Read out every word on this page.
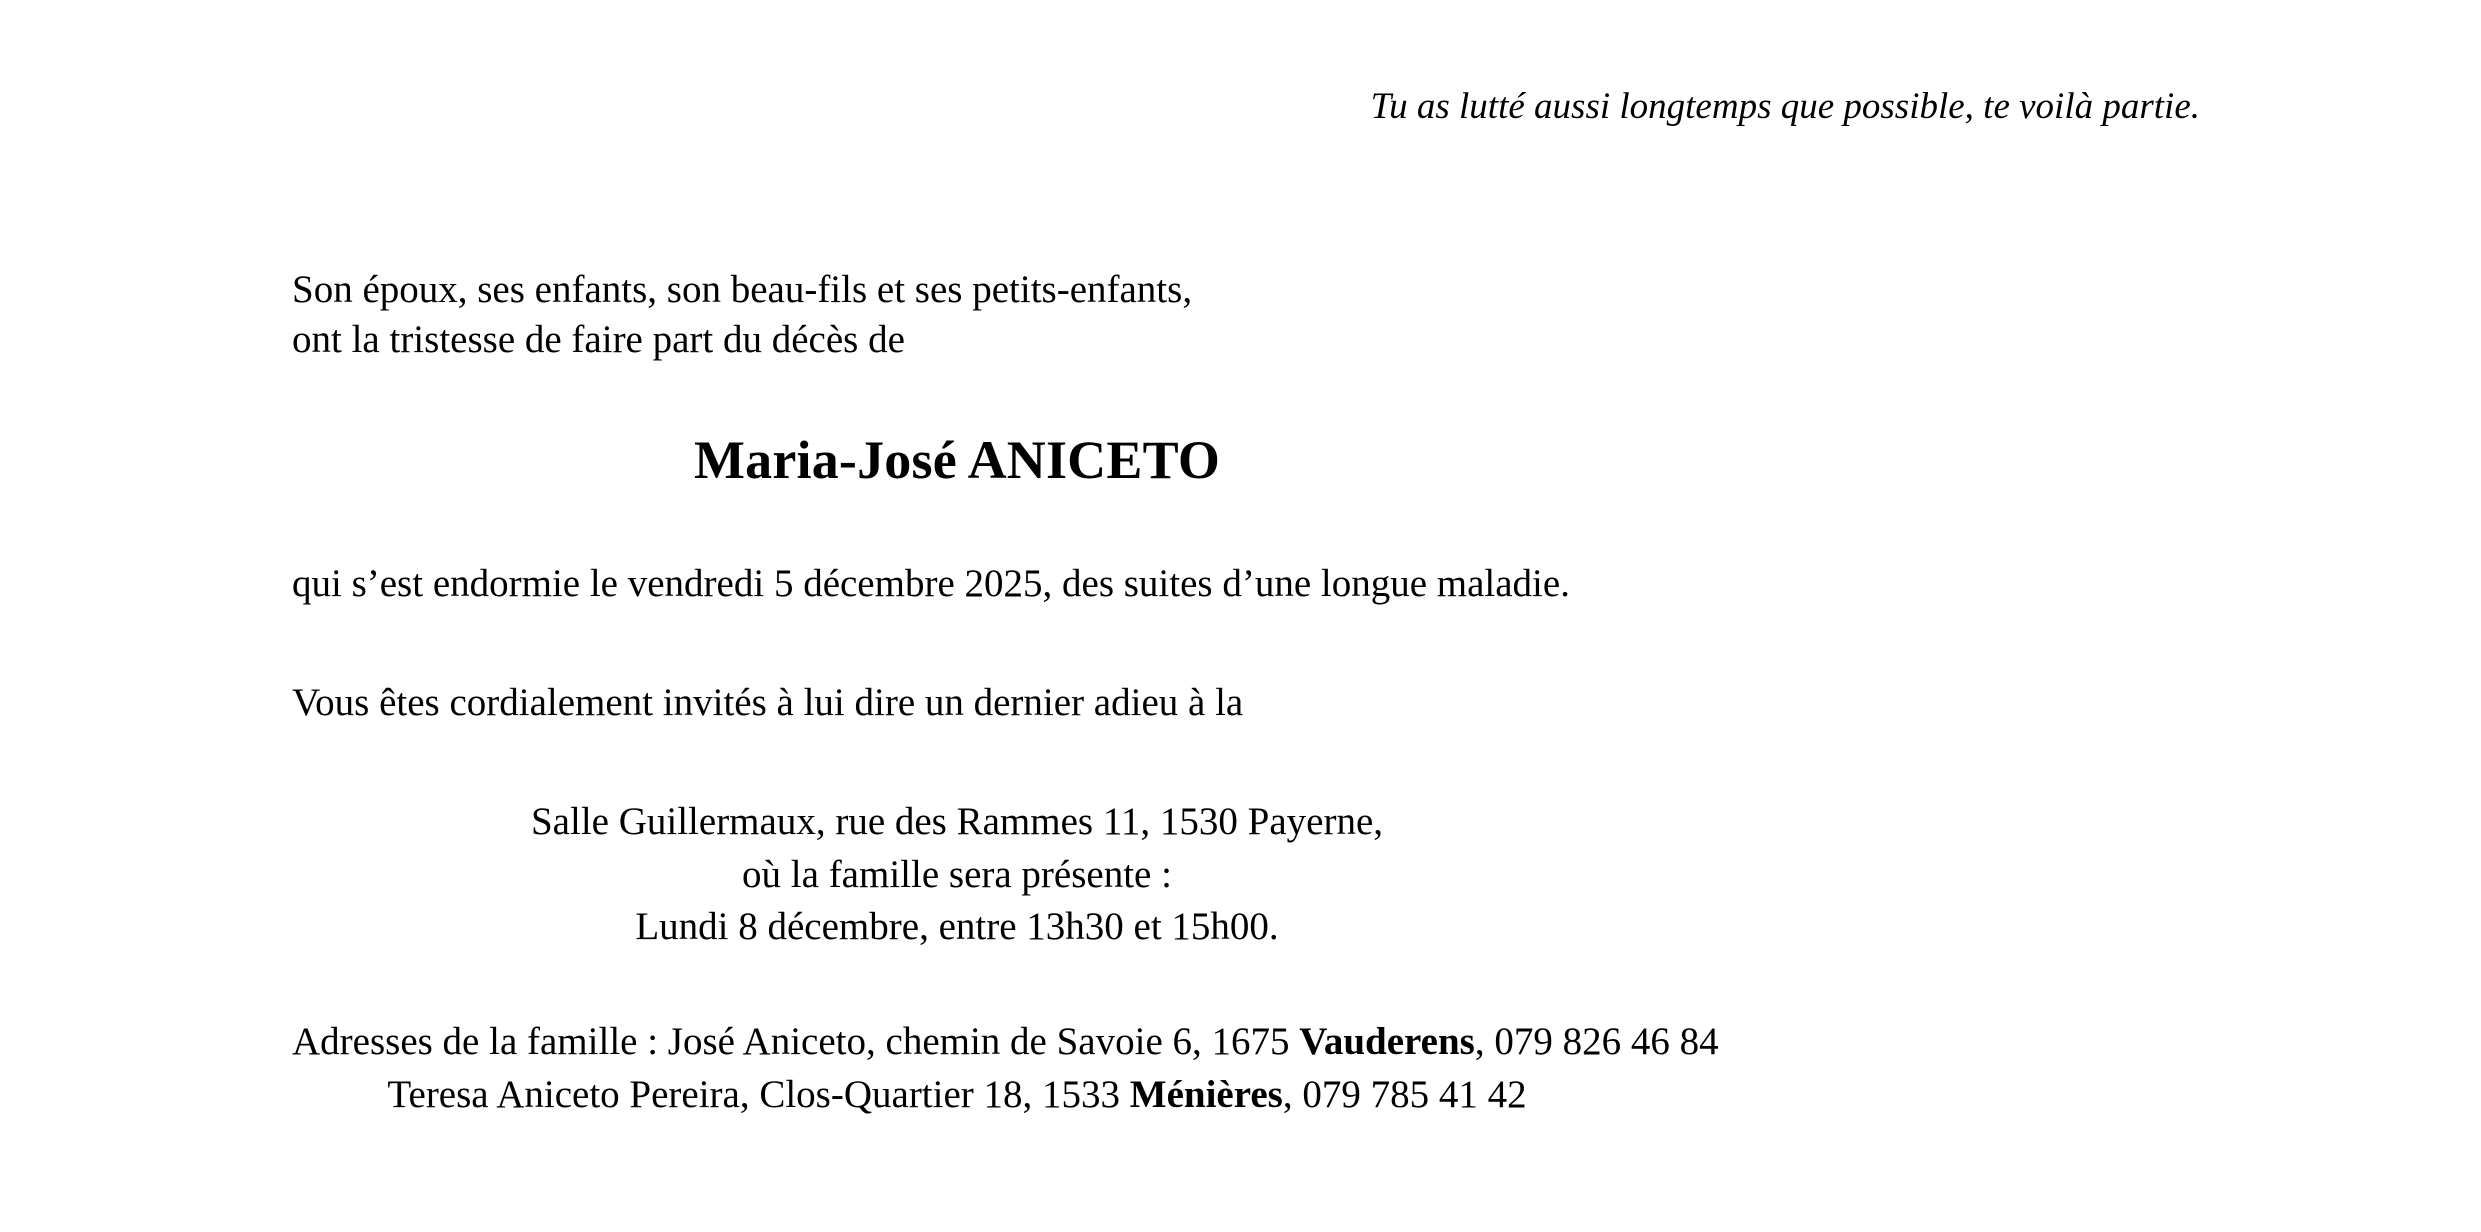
Tu as lutté aussi longtemps que possible, te voilà partie.
Son époux, ses enfants, son beau-fils et ses petits-enfants,
ont la tristesse de faire part du décès de
Maria-José ANICETO
qui s’est endormie le vendredi 5 décembre 2025, des suites d’une longue maladie.
Vous êtes cordialement invités à lui dire un dernier adieu à la
Salle Guillermaux, rue des Rammes 11, 1530 Payerne,
où la famille sera présente :
Lundi 8 décembre, entre 13h30 et 15h00.
Adresses de la famille : José Aniceto, chemin de Savoie 6, 1675 Vauderens, 079 826 46 84
Teresa Aniceto Pereira, Clos-Quartier 18, 1533 Ménières, 079 785 41 42
